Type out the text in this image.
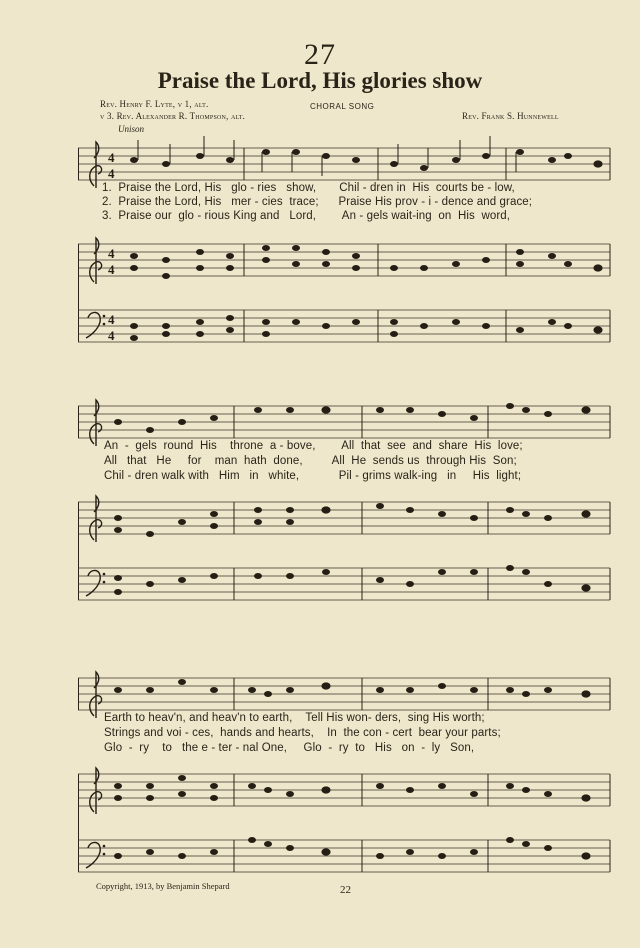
27
Praise the Lord, His glories show
Rev. Henry F. Lyte, v 1, alt.
v 3. Rev. Alexander R. Thompson, alt.
CHORAL SONG
Rev. Frank S. Hunnewell
Unison
4
4
4
4
4
4
1.  Praise the Lord, His   glo - ries   show,       Chil - dren in  His  courts be - low,
2.  Praise the Lord, His   mer - cies  trace;      Praise His prov - i - dence and grace;
3.  Praise our  glo - rious King and   Lord,        An - gels wait-ing  on  His  word,
An  -  gels  round  His    throne  a - bove,        All  that  see  and  share  His  love;
All   that   He     for    man  hath  done,         All  He  sends us  through His  Son;
Chil - dren walk with   Him   in   white,            Pil - grims walk-ing   in     His  light;
Earth to heav'n, and heav'n to earth,    Tell His won- ders,  sing His worth;
Strings and voi - ces,  hands and hearts,    In  the con - cert  bear your parts;
Glo  -  ry    to   the e - ter - nal One,     Glo  -  ry  to   His   on  -  ly   Son,
Copyright, 1913, by Benjamin Shepard	22
